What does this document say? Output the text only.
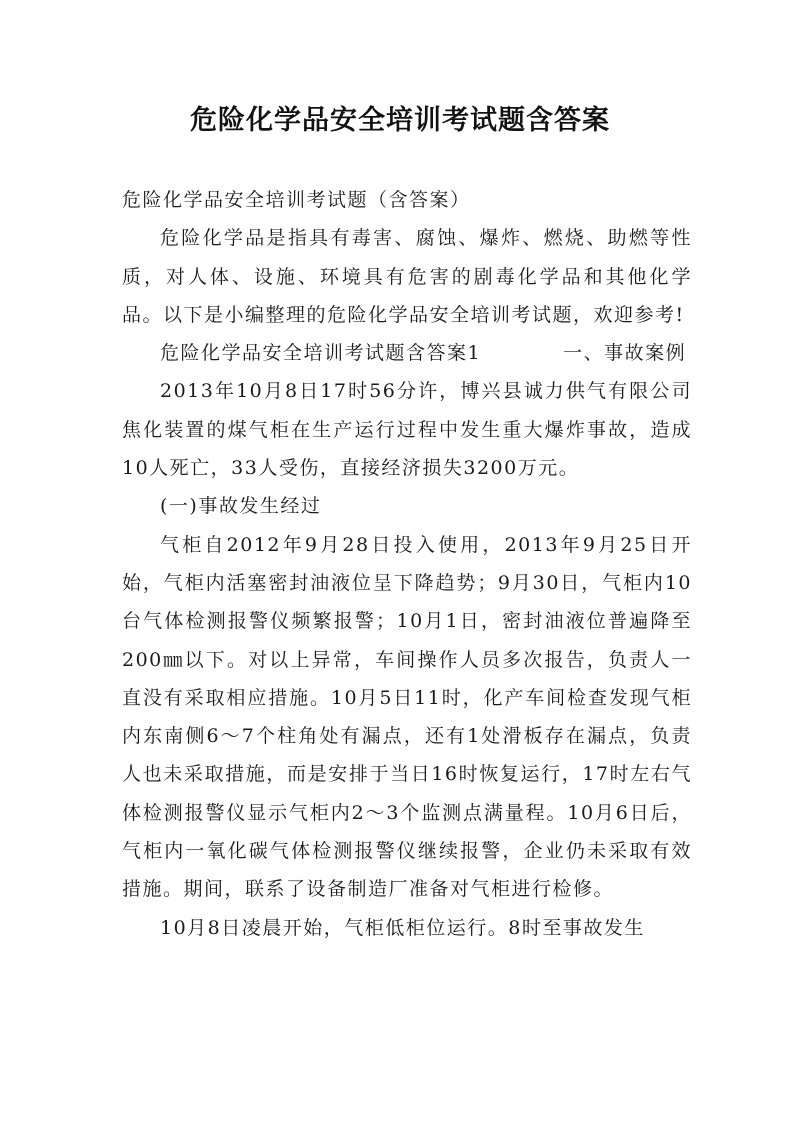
危险化学品安全培训考试题含答案

危险化学品安全培训考试题（含答案）

危险化学品是指具有毒害、腐蚀、爆炸、燃烧、助燃等性质，对人体、设施、环境具有危害的剧毒化学品和其他化学品。以下是小编整理的危险化学品安全培训考试题，欢迎参考!

危险化学品安全培训考试题含答案1	一、事故案例

2013年10月8日17时56分许，博兴县诚力供气有限公司焦化装置的煤气柜在生产运行过程中发生重大爆炸事故，造成10人死亡，33人受伤，直接经济损失3200万元。

(一)事故发生经过

气柜自2012年9月28日投入使用，2013年9月25日开始，气柜内活塞密封油液位呈下降趋势；9月30日，气柜内10台气体检测报警仪频繁报警；10月1日，密封油液位普遍降至200㎜以下。对以上异常，车间操作人员多次报告，负责人一直没有采取相应措施。10月5日11时，化产车间检查发现气柜内东南侧6～7个柱角处有漏点，还有1处滑板存在漏点，负责人也未采取措施，而是安排于当日16时恢复运行，17时左右气体检测报警仪显示气柜内2～3个监测点满量程。10月6日后，气柜内一氧化碳气体检测报警仪继续报警，企业仍未采取有效措施。期间，联系了设备制造厂准备对气柜进行检修。

10月8日凌晨开始，气柜低柜位运行。8时至事故发生
